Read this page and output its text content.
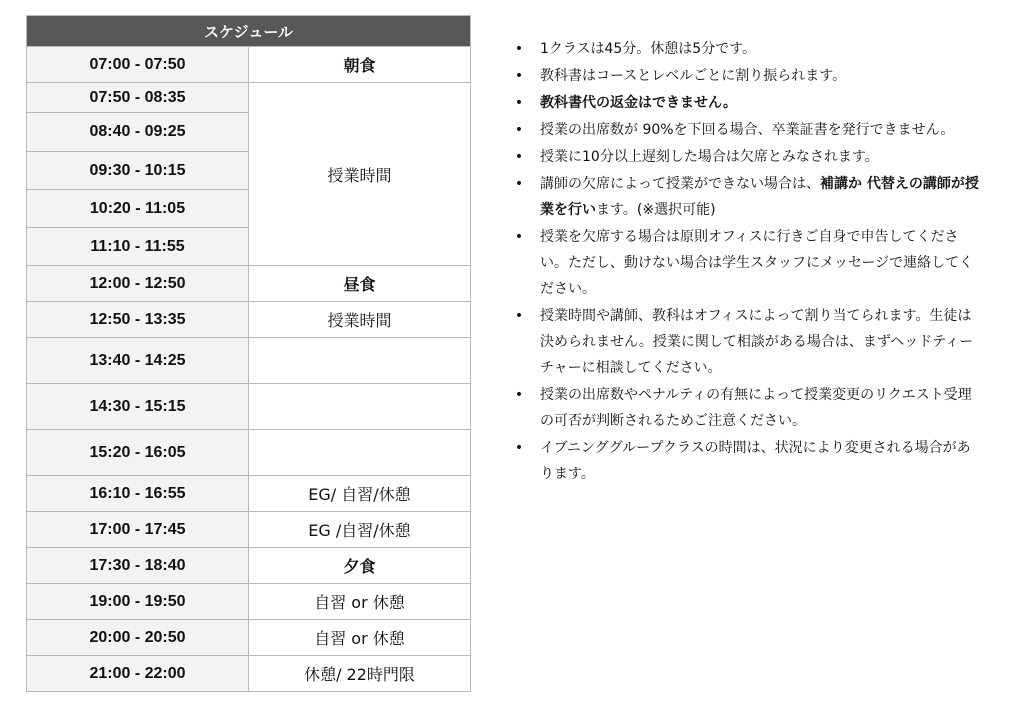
スケジュール	
07:00 - 07:50	朝食
07:50 - 08:35	授業時間
08:40 - 09:25	
09:30 - 10:15	
10:20 - 11:05	
11:10 - 11:55	
12:00 - 12:50	昼食
12:50 - 13:35	授業時間
13:40 - 14:25	
14:30 - 15:15	
15:20 - 16:05	
16:10 - 16:55	EG/ 自習/休憩
17:00 - 17:45	EG /自習/休憩
17:30 - 18:40	夕食
19:00 - 19:50	自習 or 休憩
20:00 - 20:50	自習 or 休憩
21:00 - 22:00	休憩/ 22時門限
• 1クラスは45分。休憩は5分です。
• 教科書はコースとレベルごとに割り振られます。
• 教科書代の返金はできません。
• 授業の出席数が 90%を下回る場合、卒業証書を発行できません。
• 授業に10分以上遅刻した場合は欠席とみなされます。
• 講師の欠席によって授業ができない場合は、補講か 代替えの講師が授業を行います。(※選択可能)
• 授業を欠席する場合は原則オフィスに行きご自身で申告してください。ただし、動けない場合は学生スタッフにメッセージで連絡してください。
• 授業時間や講師、教科はオフィスによって割り当てられます。生徒は決められません。授業に関して相談がある場合は、まずヘッドティーチャーに相談してください。
• 授業の出席数やペナルティの有無によって授業変更のリクエスト受理の可否が判断されるためご注意ください。
• イブニンググループクラスの時間は、状況により変更される場合があります。
